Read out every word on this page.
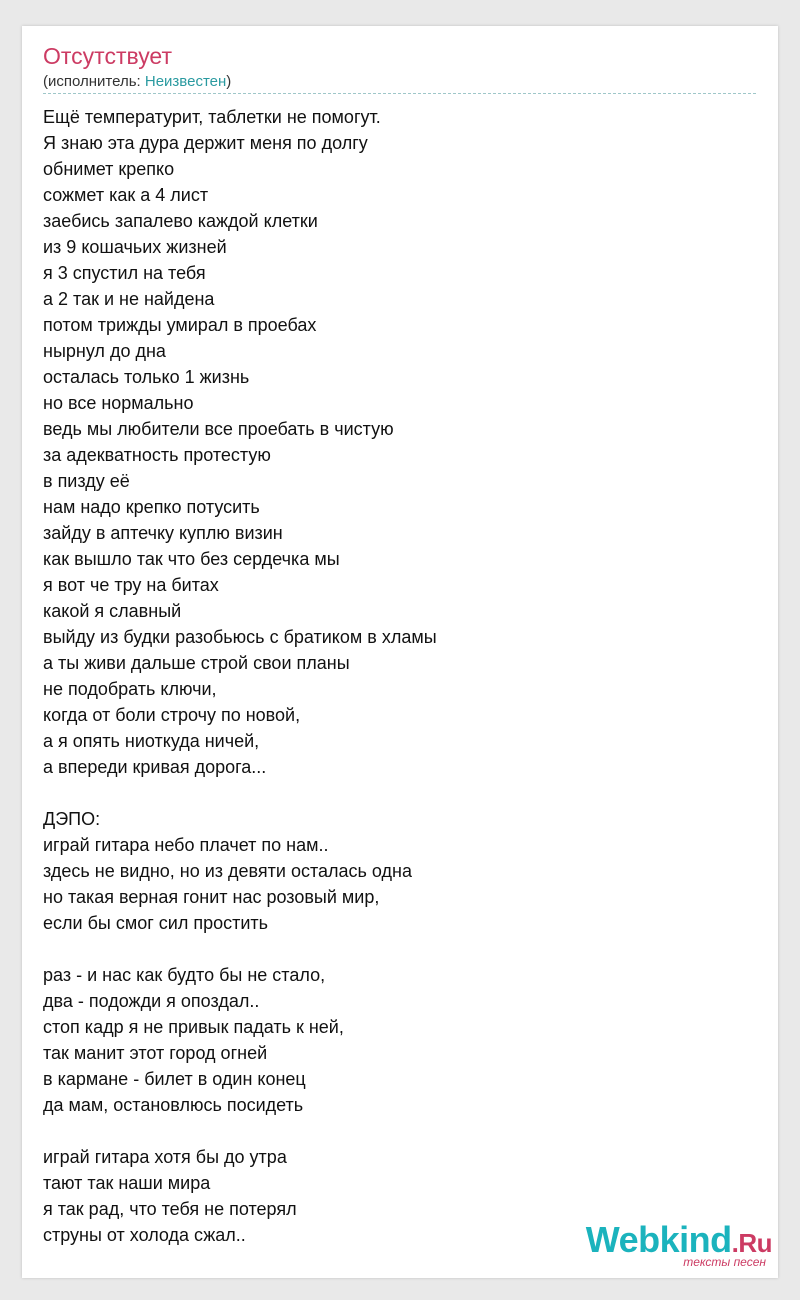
Отсутствует
(исполнитель: Неизвестен)
Ещё температурит, таблетки не помогут.
Я знаю эта дура держит меня по долгу
обнимет крепко
сожмет как а 4 лист
заебись запалево каждой клетки
из 9 кошачьих жизней
я 3 спустил на тебя
а 2 так и не найдена
потом трижды умирал в проебах
нырнул до дна
осталась только 1 жизнь
но все нормально
ведь мы любители все проебать в чистую
за адекватность протестую
в пизду её
нам надо крепко потусить
зайду в аптечку куплю визин
как вышло так что без сердечка мы
я вот че тру на битах
какой я славный
выйду из будки разобьюсь с братиком в хламы
а ты живи дальше строй свои планы
не подобрать ключи,
когда от боли строчу по новой,
а я опять ниоткуда ничей,
а впереди кривая дорога...
ДЭПО:
играй гитара небо плачет по нам..
здесь не видно, но из девяти осталась одна
но такая верная гонит нас розовый мир,
если бы смог сил простить
раз - и нас как будто бы не стало,
два - подожди я опоздал..
стоп кадр я не привык падать к ней,
так манит этот город огней
в кармане - билет в один конец
да мам, остановлюсь посидеть
играй гитара хотя бы до утра
тают так наши мира
я так рад, что тебя не потерял
струны от холода сжал..	Webkind.Ru
тексты песен
